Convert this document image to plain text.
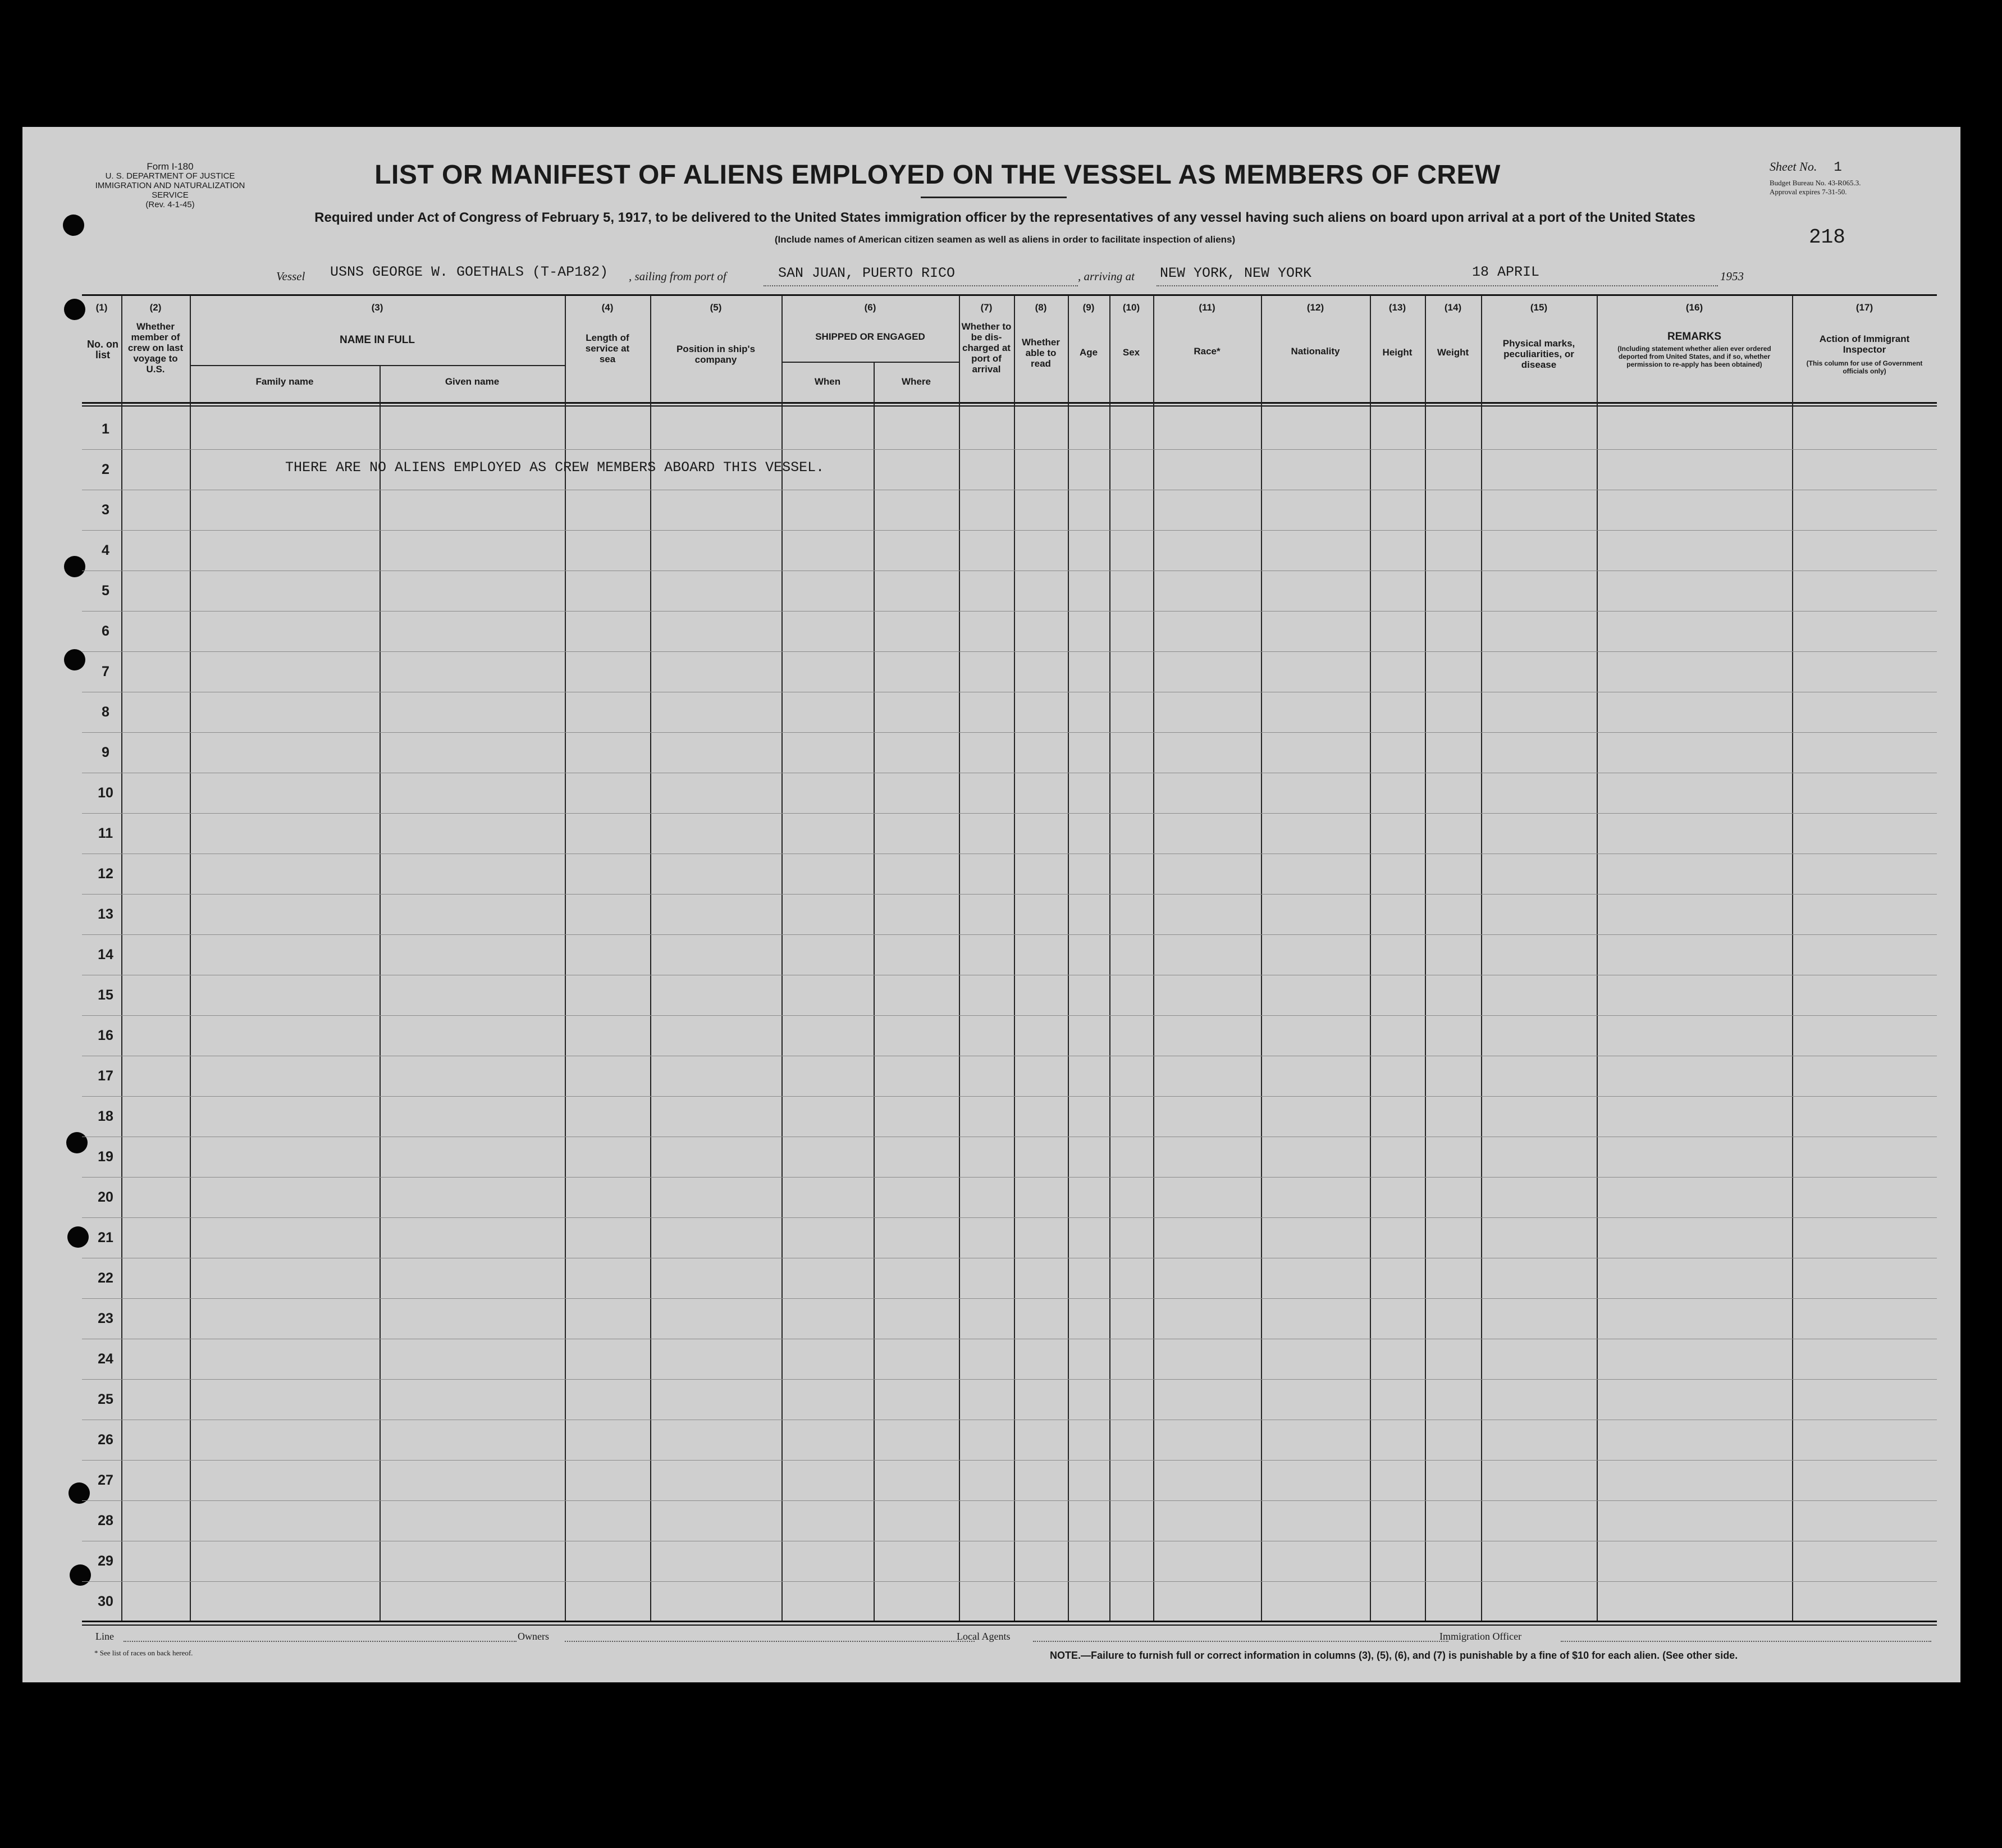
Form I-180
U. S. DEPARTMENT OF JUSTICE
IMMIGRATION AND NATURALIZATION SERVICE
(Rev. 4-1-45)
LIST OR MANIFEST OF ALIENS EMPLOYED ON THE VESSEL AS MEMBERS OF CREW	Sheet No. 1
Budget Bureau No. 43-R065.3.
Approval expires 7-31-50.
Required under Act of Congress of February 5, 1917, to be delivered to the United States immigration officer by the representatives of any vessel having such aliens on board upon arrival at a port of the United States
(Include names of American citizen seamen as well as aliens in order to facilitate inspection of aliens)	218
Vessel USNS GEORGE W. GOETHALS (T-AP182) , sailing from port of	SAN JUAN, PUERTO RICO	, arriving at NEW YORK, NEW YORK	18 APRIL	1953
(1)
No. on list
(2)
Whether member of crew on last voyage to U.S.
(3)
NAME IN FULL
Family name	Given name
(4)
Length of service at sea
(5)
Position in ship's company
(6)
SHIPPED OR ENGAGED
When	Where
(7)
Whether to be dis-charged at port of arrival
(8)
Whether able to read
(9)
Age
(10)
Sex
(11)
Race*
(12)
Nationality
(13)
Height
(14)
Weight
(15)
Physical marks, peculiarities, or disease
(16)
REMARKS
(Including statement whether alien ever ordered deported from United States, and if so, whether permission to re-apply has been obtained)
(17)
Action of Immigrant Inspector
(This column for use of Government officials only)
1
2
3
4
5
6
7
8
9
10
11
12
13
14
15
16
17
18
19
20
21
22
23
24
25
26
27
28
29
30
THERE ARE NO ALIENS EMPLOYED AS CREW MEMBERS ABOARD THIS VESSEL.
Line	Owners	Local Agents	Immigration Officer
* See list of races on back hereof.	NOTE.—Failure to furnish full or correct information in columns (3), (5), (6), and (7) is punishable by a fine of $10 for each alien. (See other side.
